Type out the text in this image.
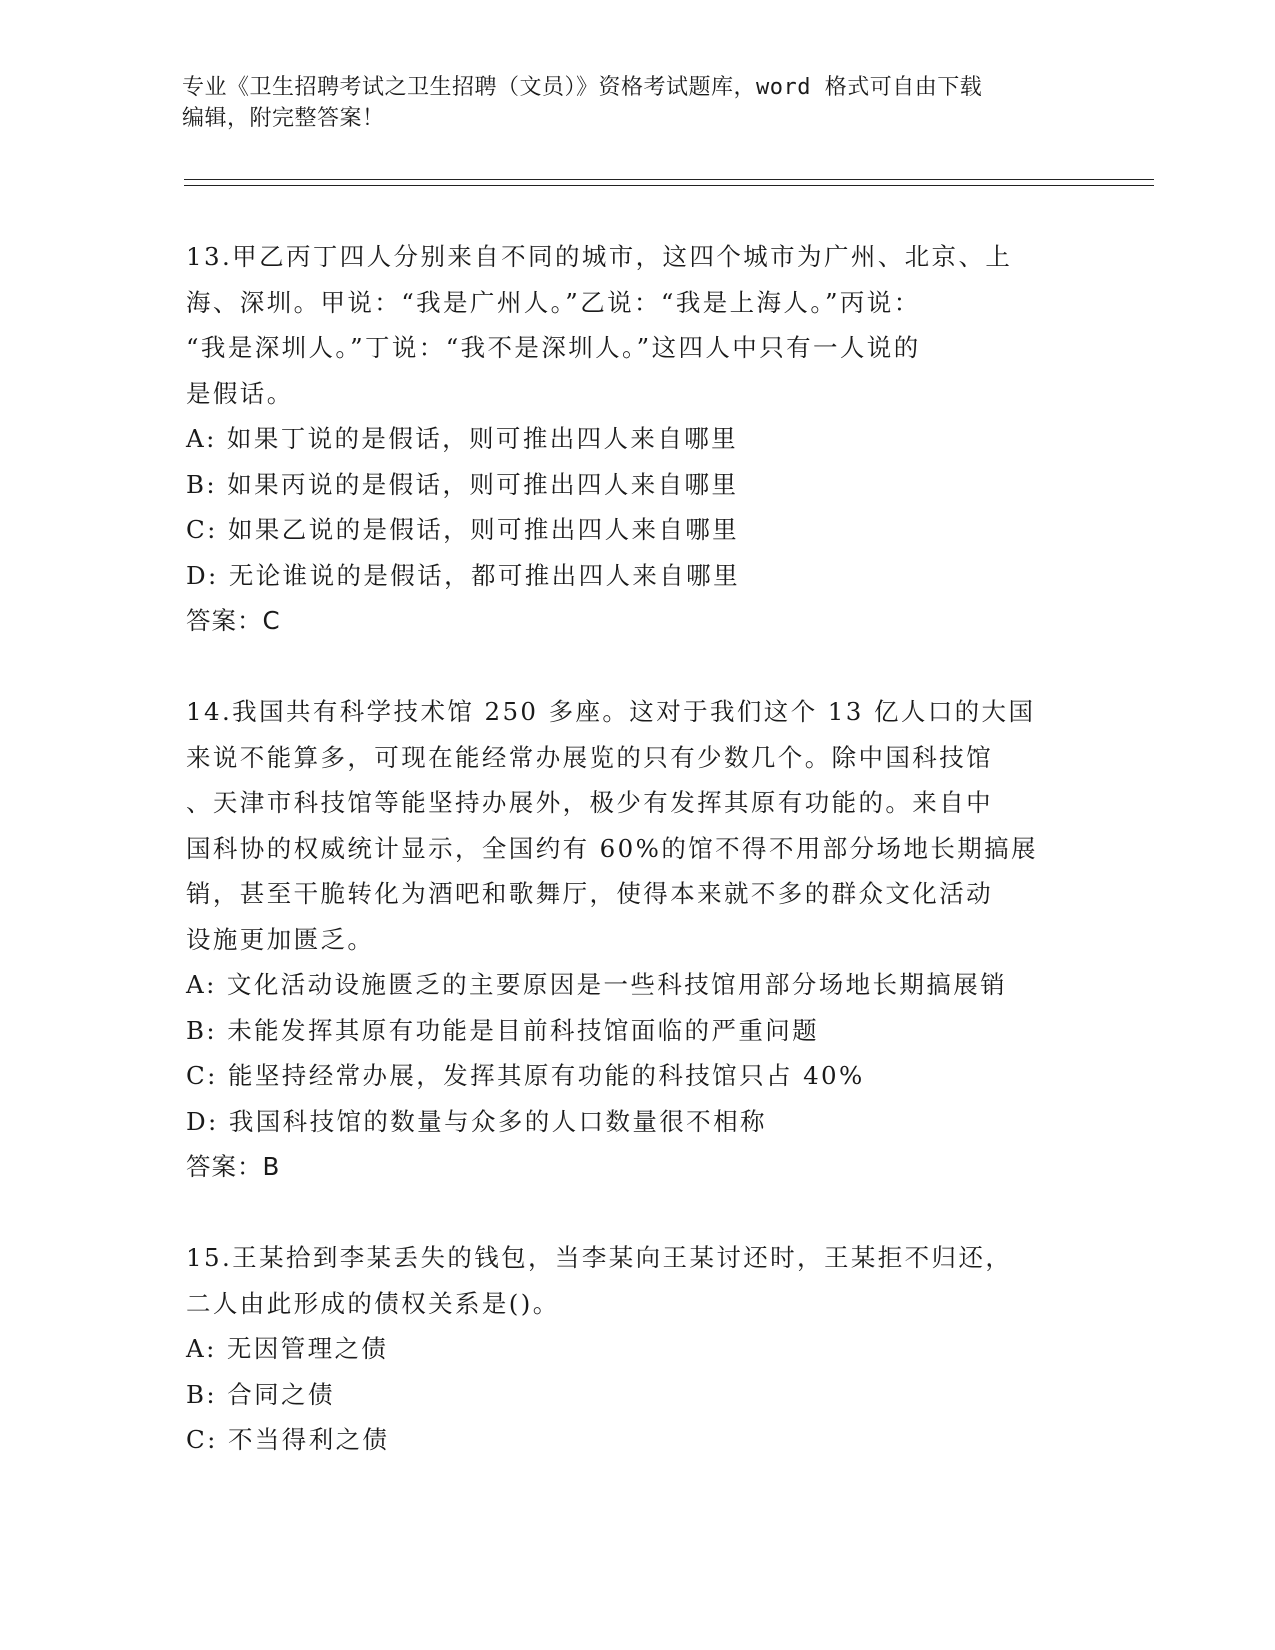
专业《卫生招聘考试之卫生招聘（文员）》资格考试题库，word 格式可自由下载
编辑，附完整答案！

13.甲乙丙丁四人分别来自不同的城市，这四个城市为广州、北京、上

海、深圳。甲说：“我是广州人。”乙说：“我是上海人。”丙说：

“我是深圳人。”丁说：“我不是深圳人。”这四人中只有一人说的

是假话。

A: 如果丁说的是假话，则可推出四人来自哪里

B: 如果丙说的是假话，则可推出四人来自哪里

C: 如果乙说的是假话，则可推出四人来自哪里

D: 无论谁说的是假话，都可推出四人来自哪里

答案：C

14.我国共有科学技术馆 250 多座。这对于我们这个 13 亿人口的大国

来说不能算多，可现在能经常办展览的只有少数几个。除中国科技馆

、天津市科技馆等能坚持办展外，极少有发挥其原有功能的。来自中

国科协的权威统计显示，全国约有 60%的馆不得不用部分场地长期搞展

销，甚至干脆转化为酒吧和歌舞厅，使得本来就不多的群众文化活动

设施更加匮乏。

A: 文化活动设施匮乏的主要原因是一些科技馆用部分场地长期搞展销

B: 未能发挥其原有功能是目前科技馆面临的严重问题

C: 能坚持经常办展，发挥其原有功能的科技馆只占 40%

D: 我国科技馆的数量与众多的人口数量很不相称

答案：B

15.王某拾到李某丢失的钱包，当李某向王某讨还时，王某拒不归还，

二人由此形成的债权关系是()。

A: 无因管理之债

B: 合同之债

C: 不当得利之债
